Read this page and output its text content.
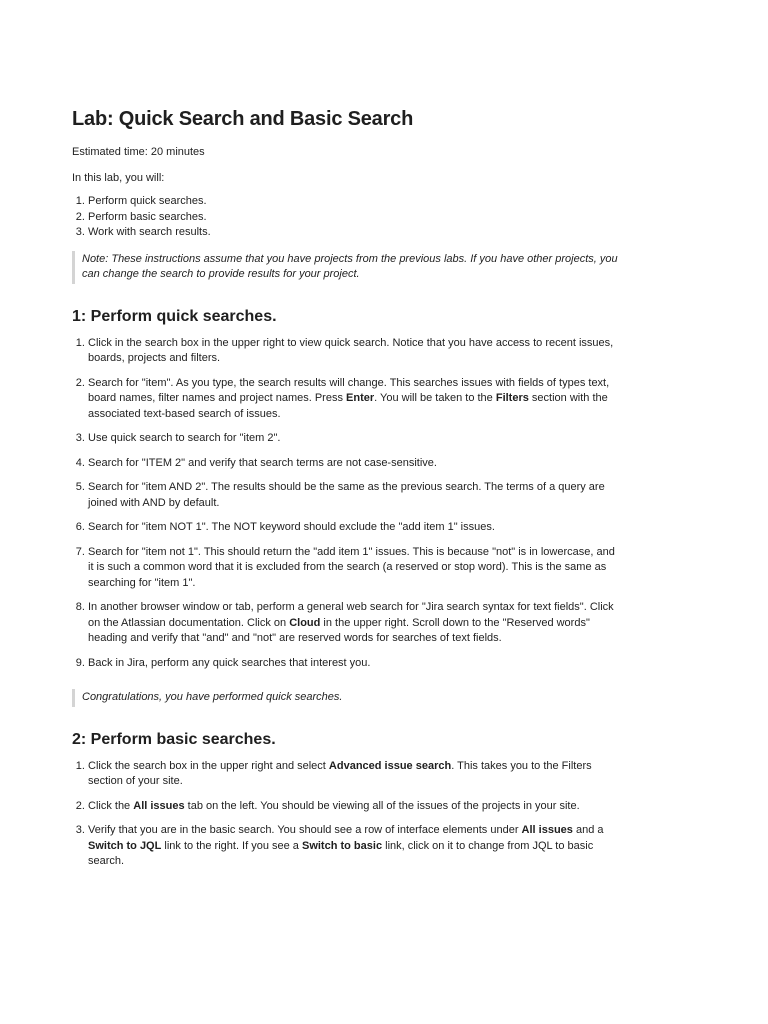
Lab: Quick Search and Basic Search

Estimated time: 20 minutes

In this lab, you will:

1. Perform quick searches.
2. Perform basic searches.
3. Work with search results.
Note: These instructions assume that you have projects from the previous labs. If you have other projects, you can change the search to provide results for your project.
1: Perform quick searches.
1. Click in the search box in the upper right to view quick search. Notice that you have access to recent issues, boards, projects and filters.
2. Search for "item". As you type, the search results will change. This searches issues with fields of types text, board names, filter names and project names. Press Enter. You will be taken to the Filters section with the associated text-based search of issues.
3. Use quick search to search for "item 2".
4. Search for "ITEM 2" and verify that search terms are not case-sensitive.
5. Search for "item AND 2". The results should be the same as the previous search. The terms of a query are joined with AND by default.
6. Search for "item NOT 1". The NOT keyword should exclude the "add item 1" issues.
7. Search for "item not 1". This should return the "add item 1" issues. This is because "not" is in lowercase, and it is such a common word that it is excluded from the search (a reserved or stop word). This is the same as searching for "item 1".
8. In another browser window or tab, perform a general web search for "Jira search syntax for text fields". Click on the Atlassian documentation. Click on Cloud in the upper right. Scroll down to the "Reserved words" heading and verify that "and" and "not" are reserved words for searches of text fields.
9. Back in Jira, perform any quick searches that interest you.
Congratulations, you have performed quick searches.
2: Perform basic searches.
1. Click the search box in the upper right and select Advanced issue search. This takes you to the Filters section of your site.
2. Click the All issues tab on the left. You should be viewing all of the issues of the projects in your site.
3. Verify that you are in the basic search. You should see a row of interface elements under All issues and a Switch to JQL link to the right. If you see a Switch to basic link, click on it to change from JQL to basic search.
